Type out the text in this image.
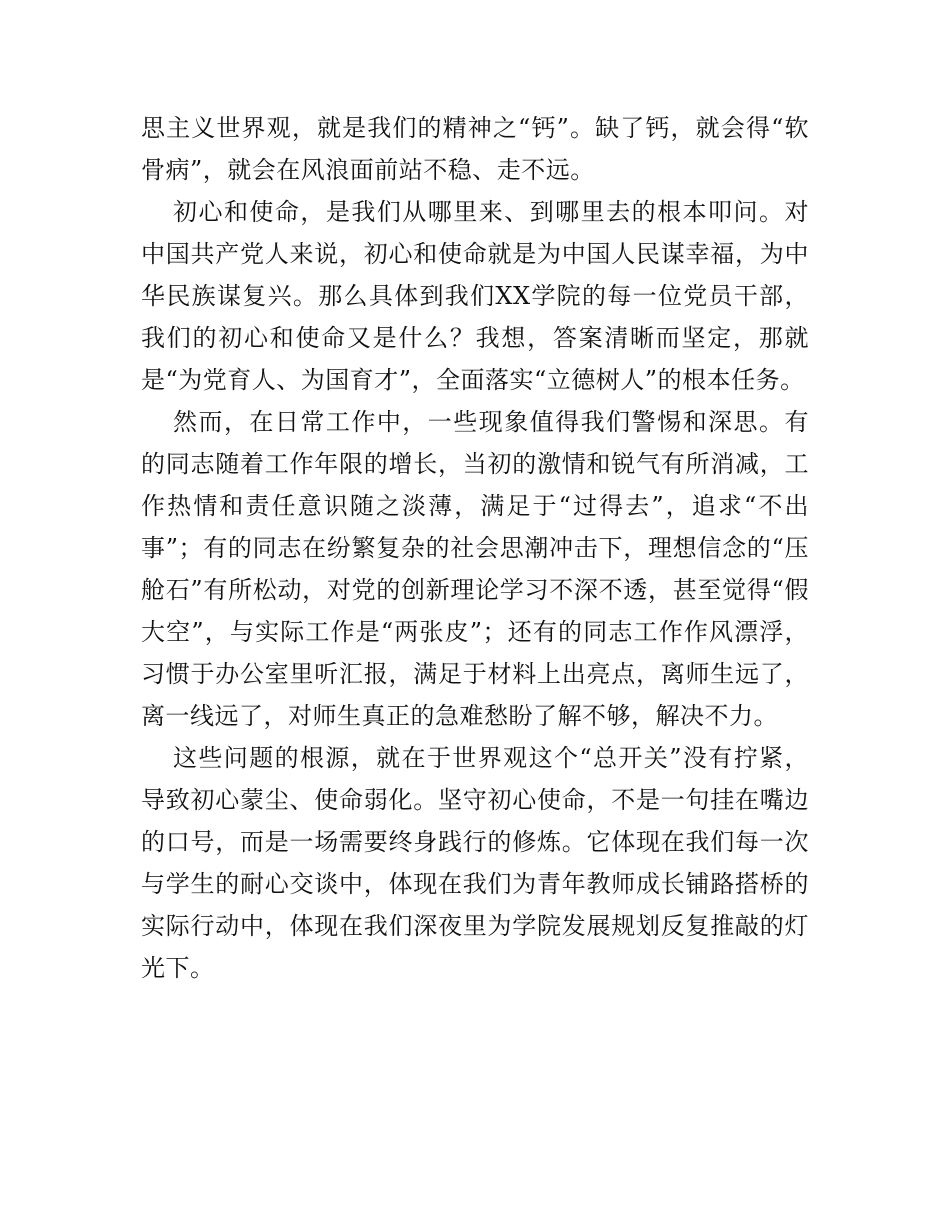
思主义世界观，就是我们的精神之“钙”。缺了钙，就会得“软骨病”，就会在风浪面前站不稳、走不远。

初心和使命，是我们从哪里来、到哪里去的根本叩问。对中国共产党人来说，初心和使命就是为中国人民谋幸福，为中华民族谋复兴。那么具体到我们XX学院的每一位党员干部，我们的初心和使命又是什么？我想，答案清晰而坚定，那就是“为党育人、为国育才”，全面落实“立德树人”的根本任务。

然而，在日常工作中，一些现象值得我们警惕和深思。有的同志随着工作年限的增长，当初的激情和锐气有所消减，工作热情和责任意识随之淡薄，满足于“过得去”，追求“不出事”；有的同志在纷繁复杂的社会思潮冲击下，理想信念的“压舱石”有所松动，对党的创新理论学习不深不透，甚至觉得“假大空”，与实际工作是“两张皮”；还有的同志工作作风漂浮，习惯于办公室里听汇报，满足于材料上出亮点，离师生远了，离一线远了，对师生真正的急难愁盼了解不够，解决不力。

这些问题的根源，就在于世界观这个“总开关”没有拧紧，导致初心蒙尘、使命弱化。坚守初心使命，不是一句挂在嘴边的口号，而是一场需要终身践行的修炼。它体现在我们每一次与学生的耐心交谈中，体现在我们为青年教师成长铺路搭桥的实际行动中，体现在我们深夜里为学院发展规划反复推敲的灯光下。
